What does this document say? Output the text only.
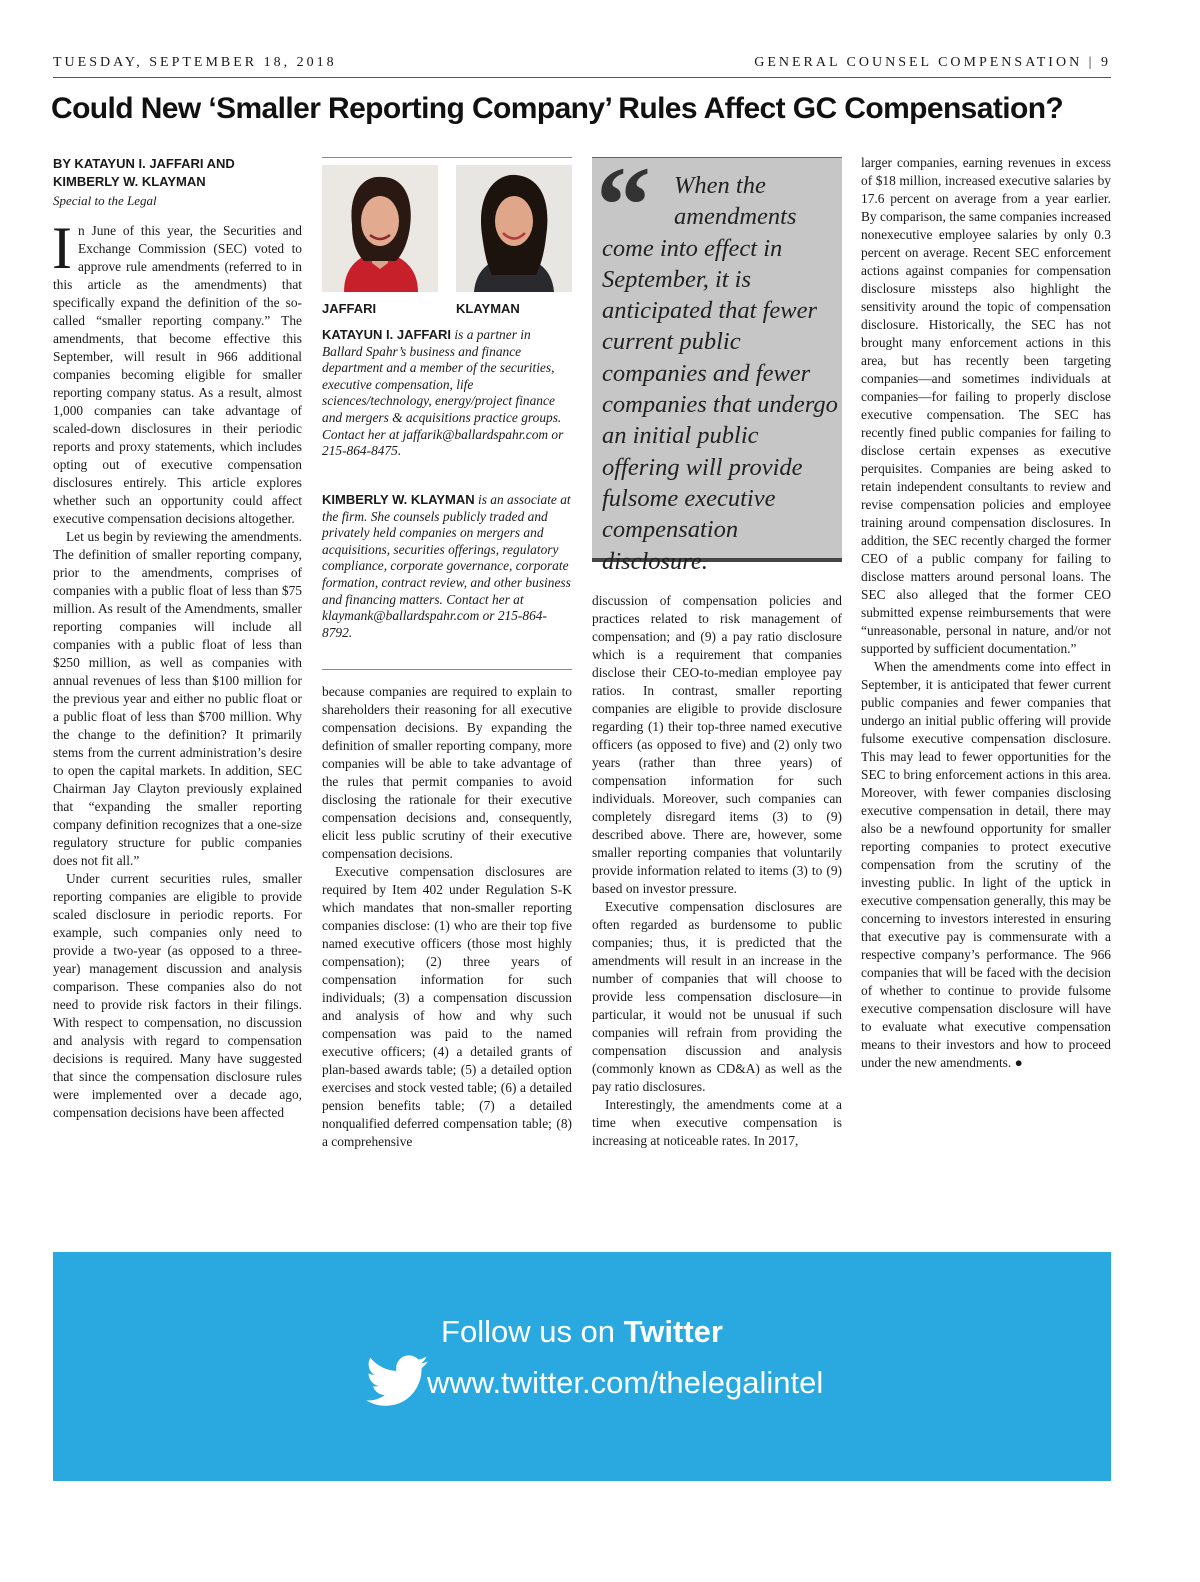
TUESDAY, SEPTEMBER 18, 2018	GENERAL COUNSEL COMPENSATION | 9
Could New ‘Smaller Reporting Company’ Rules Affect GC Compensation?
BY KATAYUN I. JAFFARI AND
KIMBERLY W. KLAYMAN
Special to the Legal

In June of this year, the Securities and Exchange Commission (SEC) voted to approve rule amendments (referred to in this article as the amendments) that specifically expand the definition of the so-called “smaller reporting company.” The amendments, that become effective this September, will result in 966 additional companies becoming eligible for smaller reporting company status. As a result, almost 1,000 companies can take advantage of scaled-down disclosures in their periodic reports and proxy statements, which includes opting out of executive compensation disclosures entirely. This article explores whether such an opportunity could affect executive compensation decisions altogether.

Let us begin by reviewing the amendments. The definition of smaller reporting company, prior to the amendments, comprises of companies with a public float of less than $75 million. As result of the Amendments, smaller reporting companies will include all companies with a public float of less than $250 million, as well as companies with annual revenues of less than $100 million for the previous year and either no public float or a public float of less than $700 million. Why the change to the definition? It primarily stems from the current administration’s desire to open the capital markets. In addition, SEC Chairman Jay Clayton previously explained that “expanding the smaller reporting company definition recognizes that a one-size regulatory structure for public companies does not fit all.”

Under current securities rules, smaller reporting companies are eligible to provide scaled disclosure in periodic reports. For example, such companies only need to provide a two-year (as opposed to a three-year) management discussion and analysis comparison. These companies also do not need to provide risk factors in their filings. With respect to compensation, no discussion and analysis with regard to compensation decisions is required. Many have suggested that since the compensation disclosure rules were implemented over a decade ago, compensation decisions have been affected

JAFFARI	KLAYMAN
KATAYUN I. JAFFARI is a partner in Ballard Spahr’s business and finance department and a member of the securities, executive compensation, life sciences/technology, energy/project finance and mergers & acquisitions practice groups. Contact her at jaffarik@ballardspahr.com or 215-864-8475.
KIMBERLY W. KLAYMAN is an associate at the firm. She counsels publicly traded and privately held companies on mergers and acquisitions, securities offerings, regulatory compliance, corporate governance, corporate formation, contract review, and other business and financing matters. Contact her at klaymank@ballardspahr.com or 215-864-8792.

because companies are required to explain to shareholders their reasoning for all executive compensation decisions. By expanding the definition of smaller reporting company, more companies will be able to take advantage of the rules that permit companies to avoid disclosing the rationale for their executive compensation decisions and, consequently, elicit less public scrutiny of their executive compensation decisions.

Executive compensation disclosures are required by Item 402 under Regulation S-K which mandates that non-smaller reporting companies disclose: (1) who are their top five named executive officers (those most highly compensation); (2) three years of compensation information for such individuals; (3) a compensation discussion and analysis of how and why such compensation was paid to the named executive officers; (4) a detailed grants of plan-based awards table; (5) a detailed option exercises and stock vested table; (6) a detailed pension benefits table; (7) a detailed nonqualified deferred compensation table; (8) a comprehensive

“ When the amendments come into effect in September, it is anticipated that fewer current public companies and fewer companies that undergo an initial public offering will provide fulsome executive compensation disclosure.

discussion of compensation policies and practices related to risk management of compensation; and (9) a pay ratio disclosure which is a requirement that companies disclose their CEO-to-median employee pay ratios. In contrast, smaller reporting companies are eligible to provide disclosure regarding (1) their top-three named executive officers (as opposed to five) and (2) only two years (rather than three years) of compensation information for such individuals. Moreover, such companies can completely disregard items (3) to (9) described above. There are, however, some smaller reporting companies that voluntarily provide information related to items (3) to (9) based on investor pressure.

Executive compensation disclosures are often regarded as burdensome to public companies; thus, it is predicted that the amendments will result in an increase in the number of companies that will choose to provide less compensation disclosure—in particular, it would not be unusual if such companies will refrain from providing the compensation discussion and analysis (commonly known as CD&A) as well as the pay ratio disclosures.

Interestingly, the amendments come at a time when executive compensation is increasing at noticeable rates. In 2017,

larger companies, earning revenues in excess of $18 million, increased executive salaries by 17.6 percent on average from a year earlier. By comparison, the same companies increased nonexecutive employee salaries by only 0.3 percent on average. Recent SEC enforcement actions against companies for compensation disclosure missteps also highlight the sensitivity around the topic of compensation disclosure. Historically, the SEC has not brought many enforcement actions in this area, but has recently been targeting companies—and sometimes individuals at companies—for failing to properly disclose executive compensation. The SEC has recently fined public companies for failing to disclose certain expenses as executive perquisites. Companies are being asked to retain independent consultants to review and revise compensation policies and employee training around compensation disclosures. In addition, the SEC recently charged the former CEO of a public company for failing to disclose matters around personal loans. The SEC also alleged that the former CEO submitted expense reimbursements that were “unreasonable, personal in nature, and/or not supported by sufficient documentation.”

When the amendments come into effect in September, it is anticipated that fewer current public companies and fewer companies that undergo an initial public offering will provide fulsome executive compensation disclosure. This may lead to fewer opportunities for the SEC to bring enforcement actions in this area. Moreover, with fewer companies disclosing executive compensation in detail, there may also be a newfound opportunity for smaller reporting companies to protect executive compensation from the scrutiny of the investing public. In light of the uptick in executive compensation generally, this may be concerning to investors interested in ensuring that executive pay is commensurate with a respective company’s performance. The 966 companies that will be faced with the decision of whether to continue to provide fulsome executive compensation disclosure will have to evaluate what executive compensation means to their investors and how to proceed under the new amendments. ●

Follow us on Twitter
www.twitter.com/thelegalintel
